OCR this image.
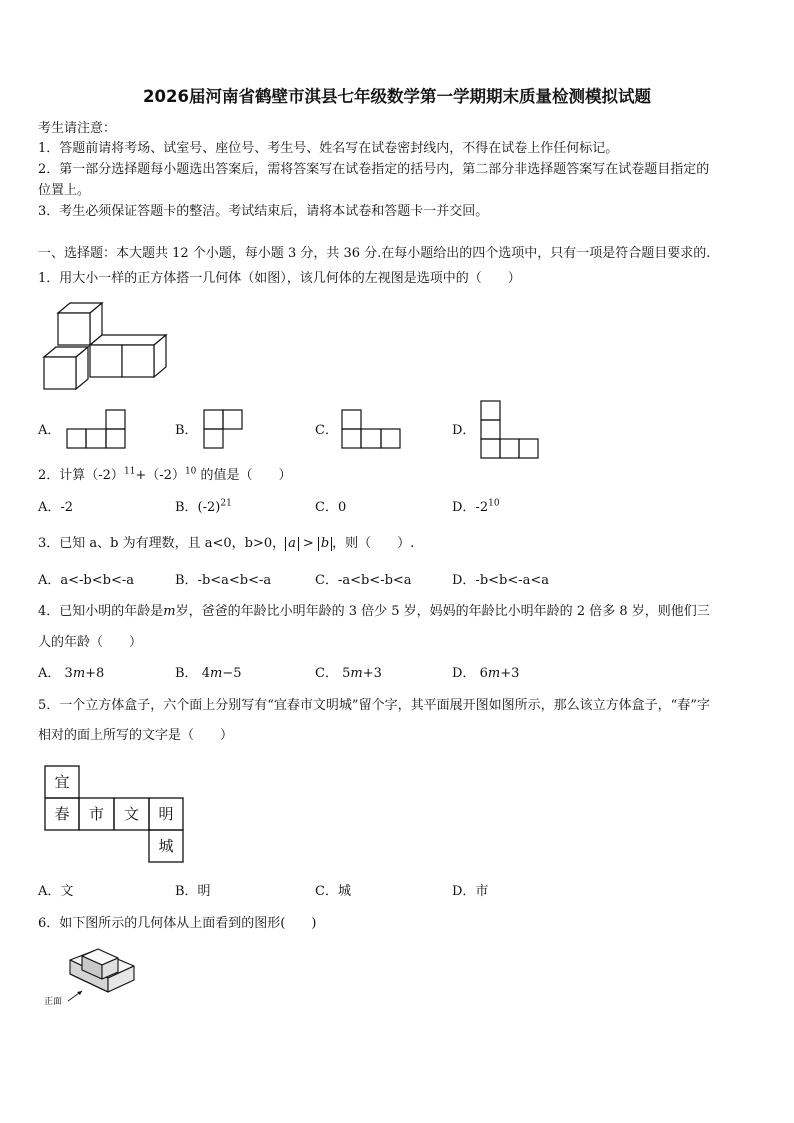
2026届河南省鹤壁市淇县七年级数学第一学期期末质量检测模拟试题
考生请注意：
1．答题前请将考场、试室号、座位号、考生号、姓名写在试卷密封线内，不得在试卷上作任何标记。
2．第一部分选择题每小题选出答案后，需将答案写在试卷指定的括号内，第二部分非选择题答案写在试卷题目指定的
位置上。
3．考生必须保证答题卡的整洁。考试结束后，请将本试卷和答题卡一并交回。
一、选择题：本大题共 12 个小题，每小题 3 分，共 36 分.在每小题给出的四个选项中，只有一项是符合题目要求的.
1．用大小一样的正方体搭一几何体（如图），该几何体的左视图是选项中的（　　）
A．	B．	C．	D．
2．计算$(-2)^{11}+(-2)^{10}$ 的值是（　　）
A．-2	B．$(-2)^{21}$	C．0	D．$-2^{10}$
3．已知 a、b 为有理数，且 a<0，b>0， a > b ，则（　　）.
A．a<-b<b<-a	B．-b<a<b<-a	C．-a<b<-b<a	D．-b<b<-a<a
4．已知小明的年龄是m岁，爸爸的年龄比小明年龄的 3 倍少 5 岁，妈妈的年龄比小明年龄的 2 倍多 8 岁，则他们三
人的年龄（　　）
A． 3m+8	B． 4m−5	C． 5m+3	D． 6m+3
5．一个立方体盒子，六个面上分别写有“宜春市文明城”留个字，其平面展开图如图所示，那么该立方体盒子，“春”字
相对的面上所写的文字是（　　）
宜
春	市	文	明
城
A．文	B．明	C．城	D．市
6．如下图所示的几何体从上面看到的图形(　　)
正面
